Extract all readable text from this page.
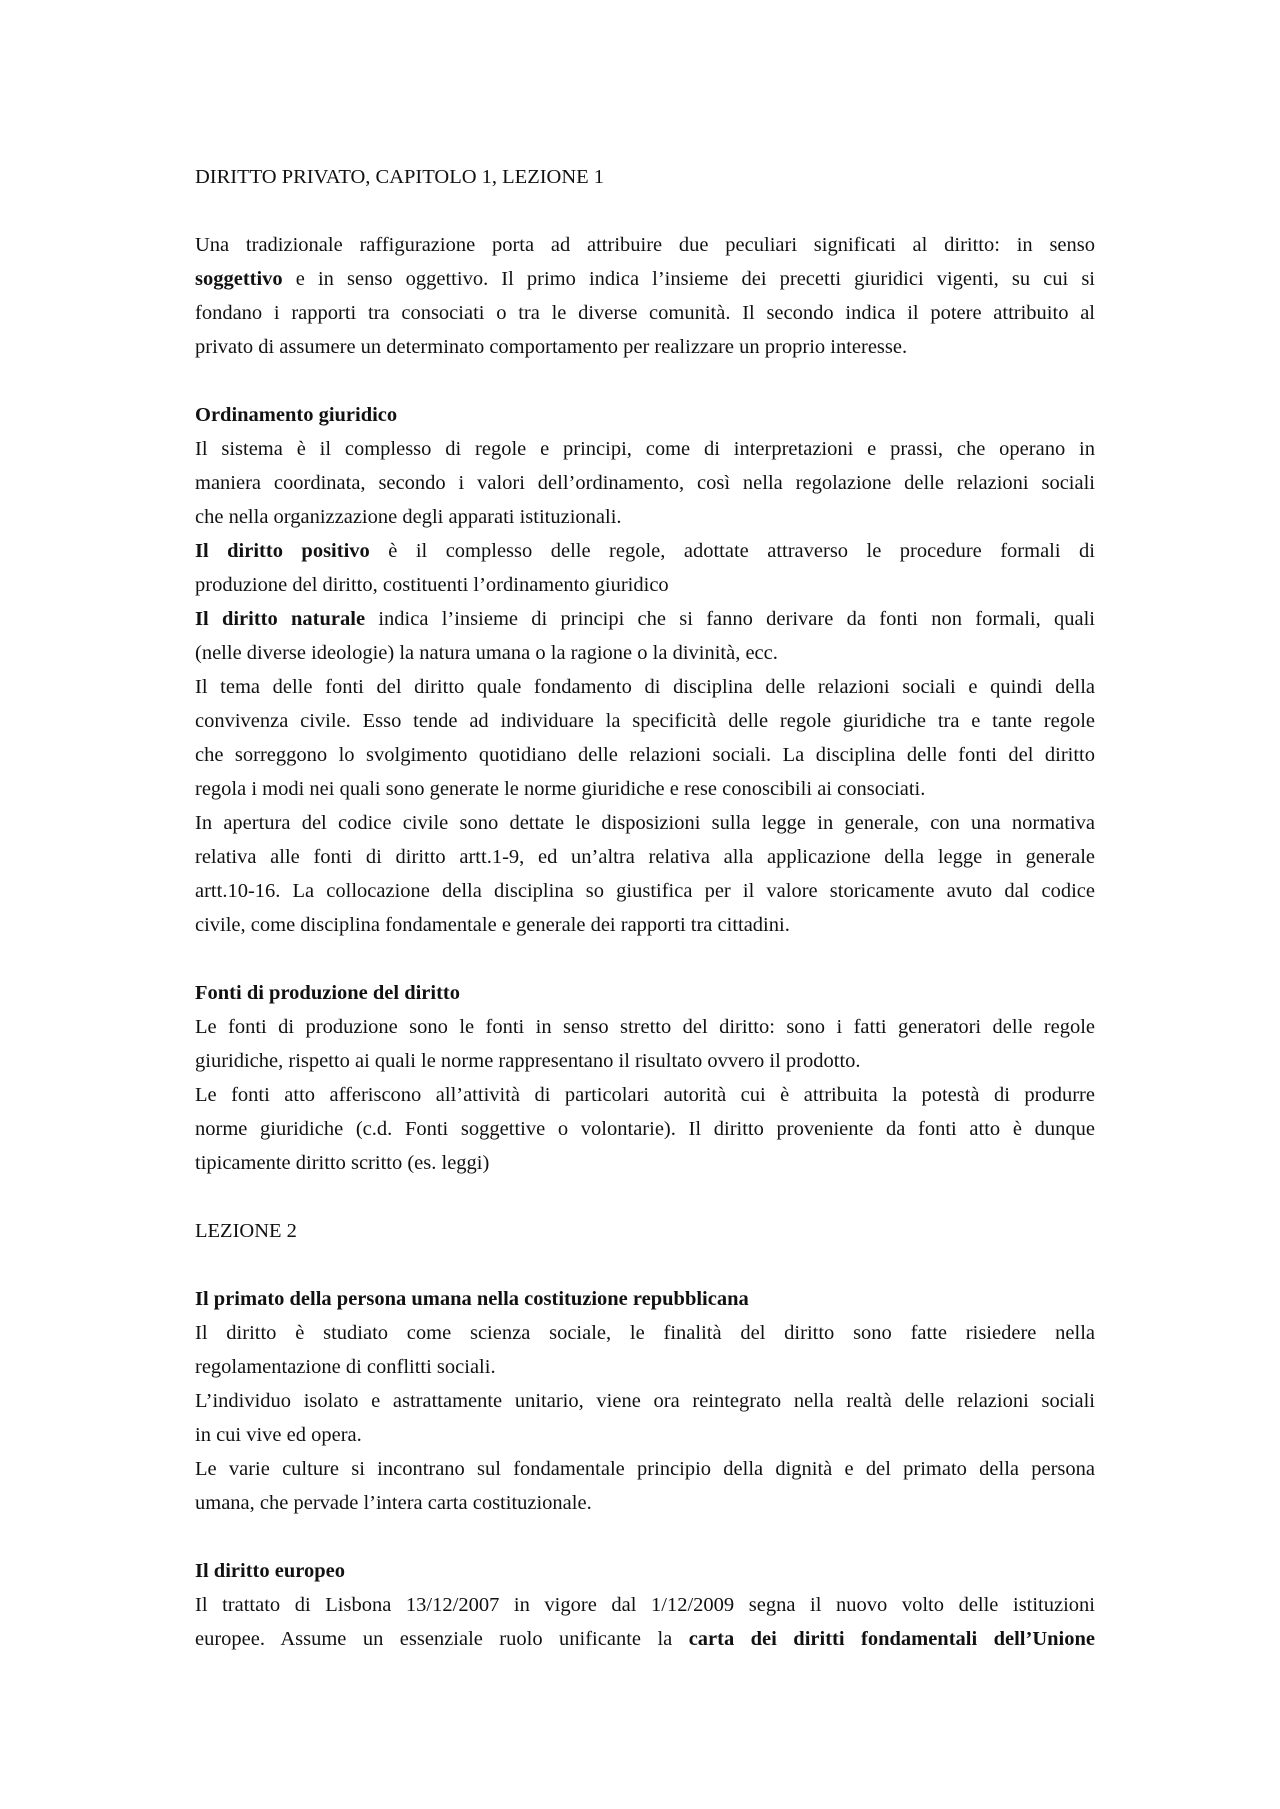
DIRITTO PRIVATO, CAPITOLO 1, LEZIONE 1

Una tradizionale raffigurazione porta ad attribuire due peculiari significati al diritto: in senso

soggettivo e in senso oggettivo. Il primo indica l’insieme dei precetti giuridici vigenti, su cui si

fondano i rapporti tra consociati o tra le diverse comunità. Il secondo indica il potere attribuito al

privato di assumere un determinato comportamento per realizzare un proprio interesse.

Ordinamento giuridico

Il sistema è il complesso di regole e principi, come di interpretazioni e prassi, che operano in

maniera coordinata, secondo i valori dell’ordinamento, così nella regolazione delle relazioni sociali

che nella organizzazione degli apparati istituzionali.

Il diritto positivo è il complesso delle regole, adottate attraverso le procedure formali di

produzione del diritto, costituenti l’ordinamento giuridico

Il diritto naturale indica l’insieme di principi che si fanno derivare da fonti non formali, quali

(nelle diverse ideologie) la natura umana o la ragione o la divinità, ecc.

Il tema delle fonti del diritto quale fondamento di disciplina delle relazioni sociali e quindi della

convivenza civile. Esso tende ad individuare la specificità delle regole giuridiche tra e tante regole

che sorreggono lo svolgimento quotidiano delle relazioni sociali. La disciplina delle fonti del diritto

regola i modi nei quali sono generate le norme giuridiche e rese conoscibili ai consociati.

In apertura del codice civile sono dettate le disposizioni sulla legge in generale, con una normativa

relativa alle fonti di diritto artt.1-9, ed un’altra relativa alla applicazione della legge in generale

artt.10-16. La collocazione della disciplina so giustifica per il valore storicamente avuto dal codice

civile, come disciplina fondamentale e generale dei rapporti tra cittadini.

Fonti di produzione del diritto

Le fonti di produzione sono le fonti in senso stretto del diritto: sono i fatti generatori delle regole

giuridiche, rispetto ai quali le norme rappresentano il risultato ovvero il prodotto.

Le fonti atto afferiscono all’attività di particolari autorità cui è attribuita la potestà di produrre

norme giuridiche (c.d. Fonti soggettive o volontarie). Il diritto proveniente da fonti atto è dunque

tipicamente diritto scritto (es. leggi)

LEZIONE 2

Il primato della persona umana nella costituzione repubblicana

Il diritto è studiato come scienza sociale, le finalità del diritto sono fatte risiedere nella

regolamentazione di conflitti sociali.

L’individuo isolato e astrattamente unitario, viene ora reintegrato nella realtà delle relazioni sociali

in cui vive ed opera.

Le varie culture si incontrano sul fondamentale principio della dignità e del primato della persona

umana, che pervade l’intera carta costituzionale.

Il diritto europeo

Il trattato di Lisbona 13/12/2007 in vigore dal 1/12/2009 segna il nuovo volto delle istituzioni

europee. Assume un essenziale ruolo unificante la carta dei diritti fondamentali dell’Unione
